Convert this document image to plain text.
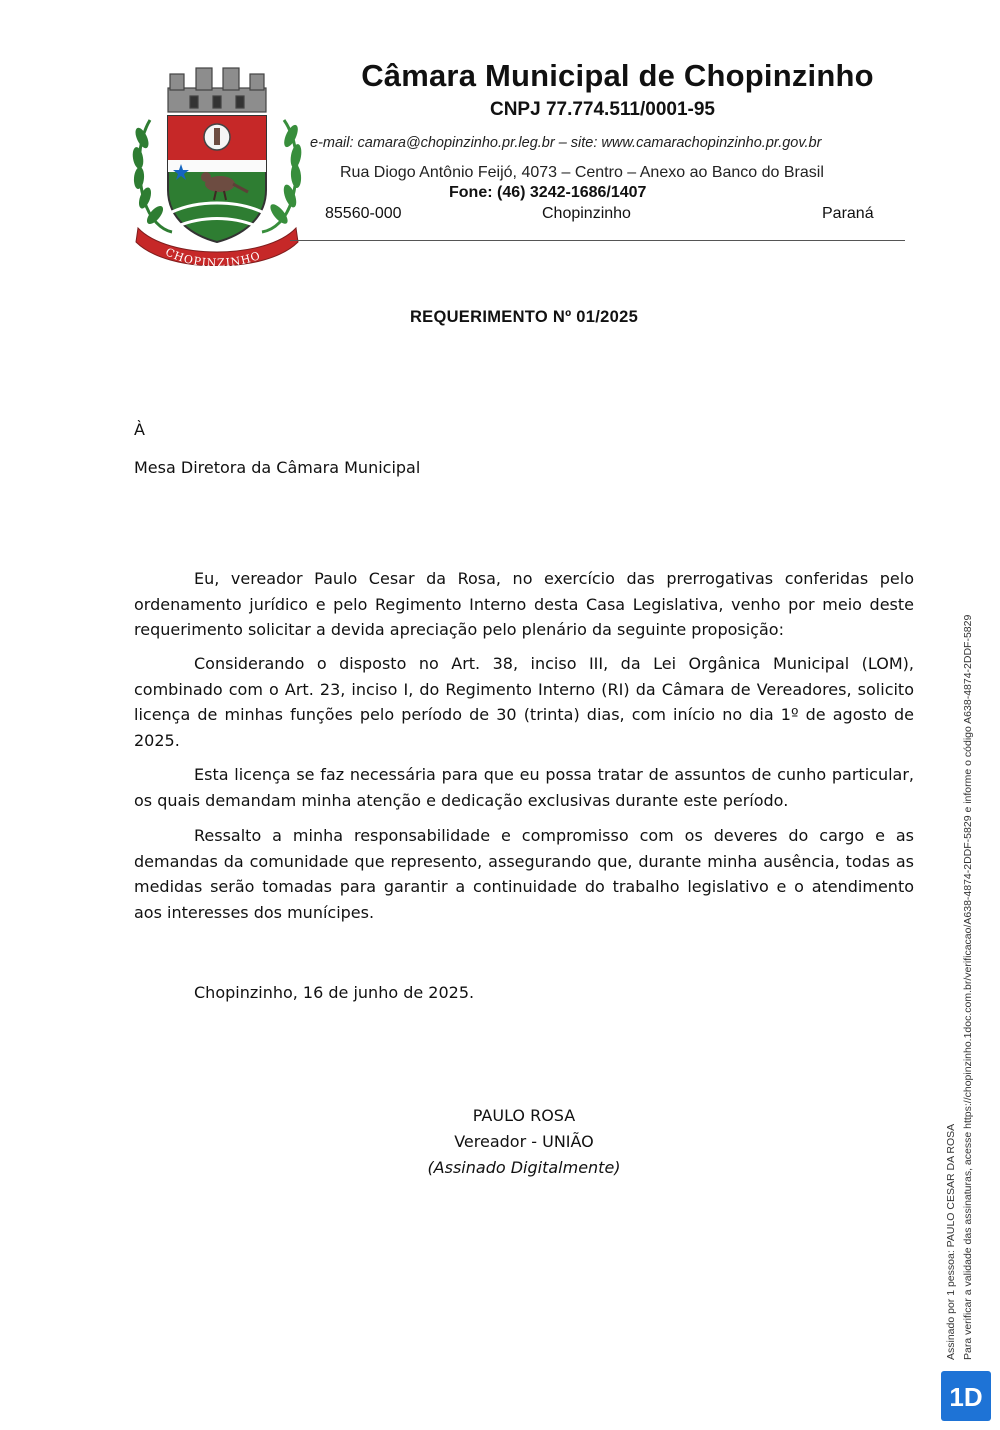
CHOPINZINHO
Câmara Municipal de Chopinzinho
CNPJ 77.774.511/0001-95
e-mail: camara@chopinzinho.pr.leg.br – site: www.camarachopinzinho.pr.gov.br
Rua Diogo Antônio Feijó, 4073 – Centro – Anexo ao Banco do Brasil
Fone: (46) 3242-1686/1407
85560-000	Chopinzinho	Paraná
REQUERIMENTO Nº 01/2025
À
Mesa Diretora da Câmara Municipal

Eu, vereador Paulo Cesar da Rosa, no exercício das prerrogativas conferidas pelo ordenamento jurídico e pelo Regimento Interno desta Casa Legislativa, venho por meio deste requerimento solicitar a devida apreciação pelo plenário da seguinte proposição:

Considerando o disposto no Art. 38, inciso III, da Lei Orgânica Municipal (LOM), combinado com o Art. 23, inciso I, do Regimento Interno (RI) da Câmara de Vereadores, solicito licença de minhas funções pelo período de 30 (trinta) dias, com início no dia 1º de agosto de 2025.

Esta licença se faz necessária para que eu possa tratar de assuntos de cunho particular, os quais demandam minha atenção e dedicação exclusivas durante este período.

Ressalto a minha responsabilidade e compromisso com os deveres do cargo e as demandas da comunidade que represento, assegurando que, durante minha ausência, todas as medidas serão tomadas para garantir a continuidade do trabalho legislativo e o atendimento aos interesses dos munícipes.

Chopinzinho, 16 de junho de 2025.
PAULO ROSA
Vereador - UNIÃO
(Assinado Digitalmente)	Assinado por 1 pessoa: PAULO CESAR DA ROSA Para verificar a validade das assinaturas, acesse https://chopinzinho.1doc.com.br/verificacao/A638-4874-2DDF-5829 e informe o código A638-4874-2DDF-5829
1D
